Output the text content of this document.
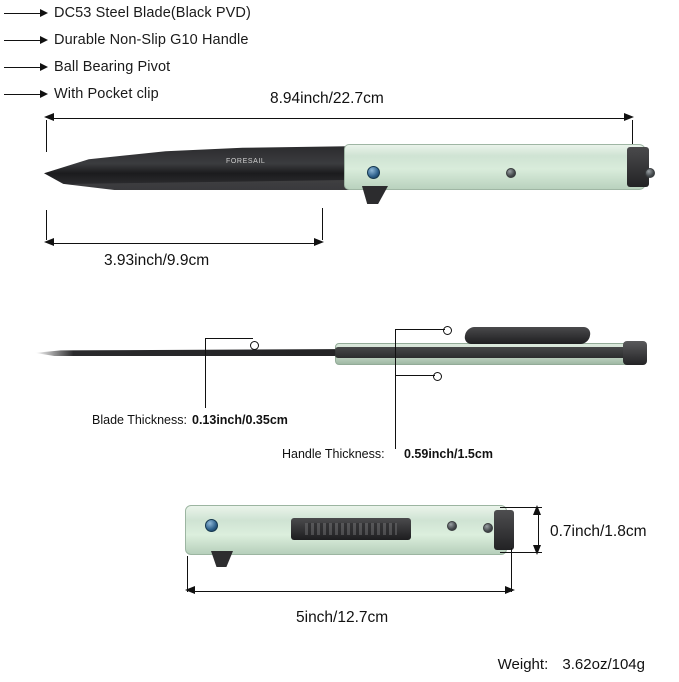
DC53 Steel Blade(Black PVD)
Durable Non-Slip G10 Handle
Ball Bearing Pivot
With Pocket clip	8.94inch/22.7cm
FORESAIL
3.93inch/9.9cm
Blade Thickness: 0.13inch/0.35cm
Handle Thickness: 0.59inch/1.5cm
0.7inch/1.8cm
5inch/12.7cm
Weight: 3.62oz/104g
